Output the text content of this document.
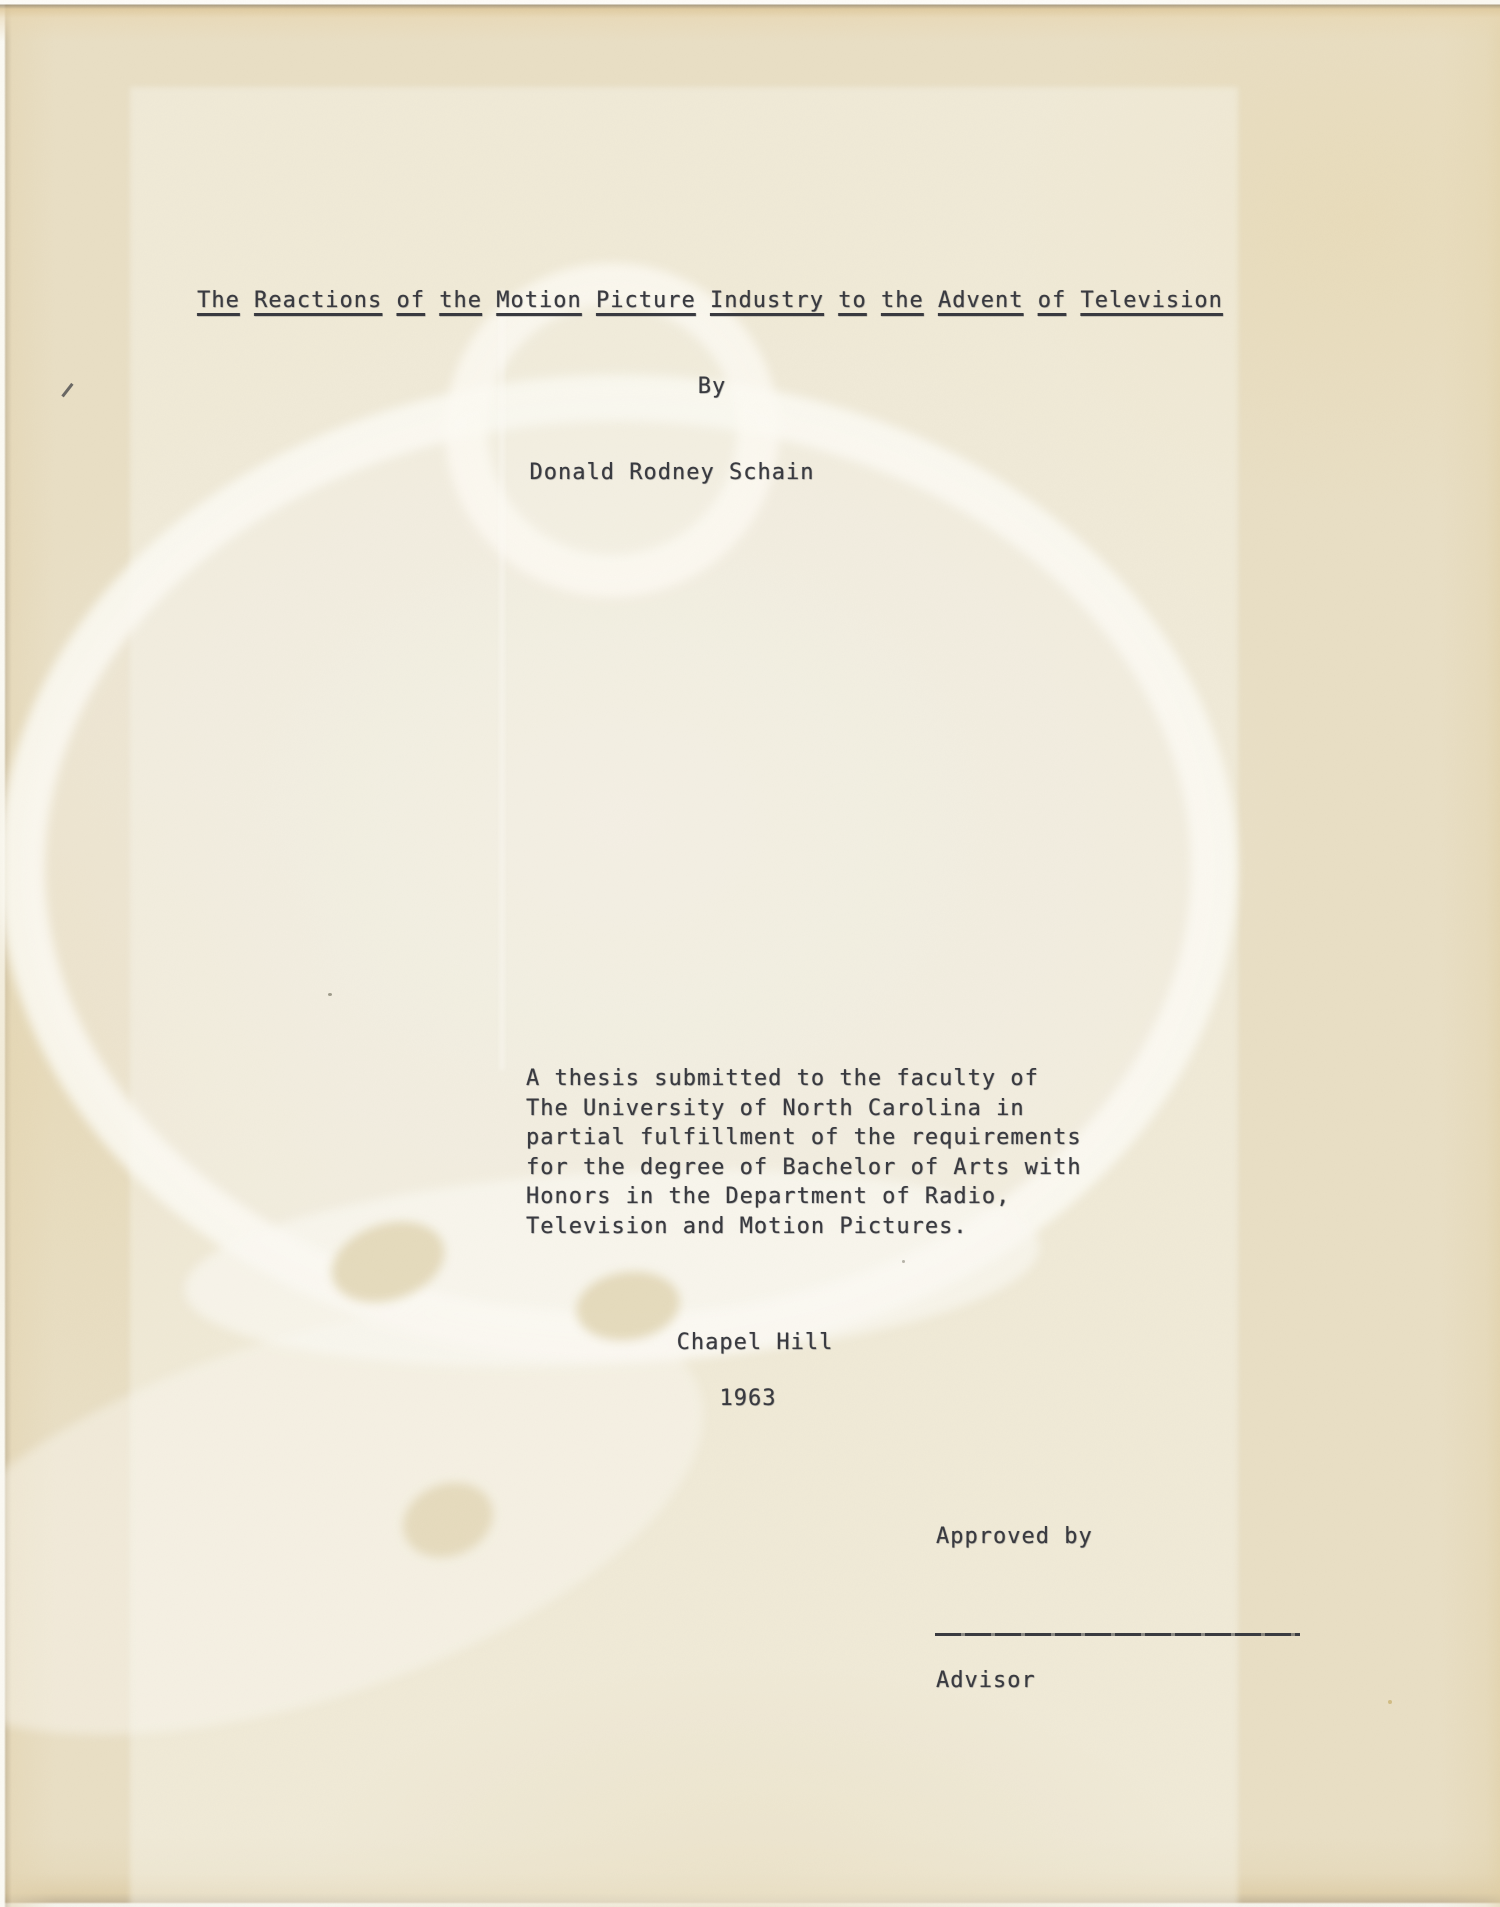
The Reactions of the Motion Picture Industry to the Advent of Television
By
Donald Rodney Schain
A thesis submitted to the faculty of
The University of North Carolina in
partial fulfillment of the requirements
for the degree of Bachelor of Arts with
Honors in the Department of Radio,
Television and Motion Pictures.
Chapel Hill
1963
Approved by
Advisor
